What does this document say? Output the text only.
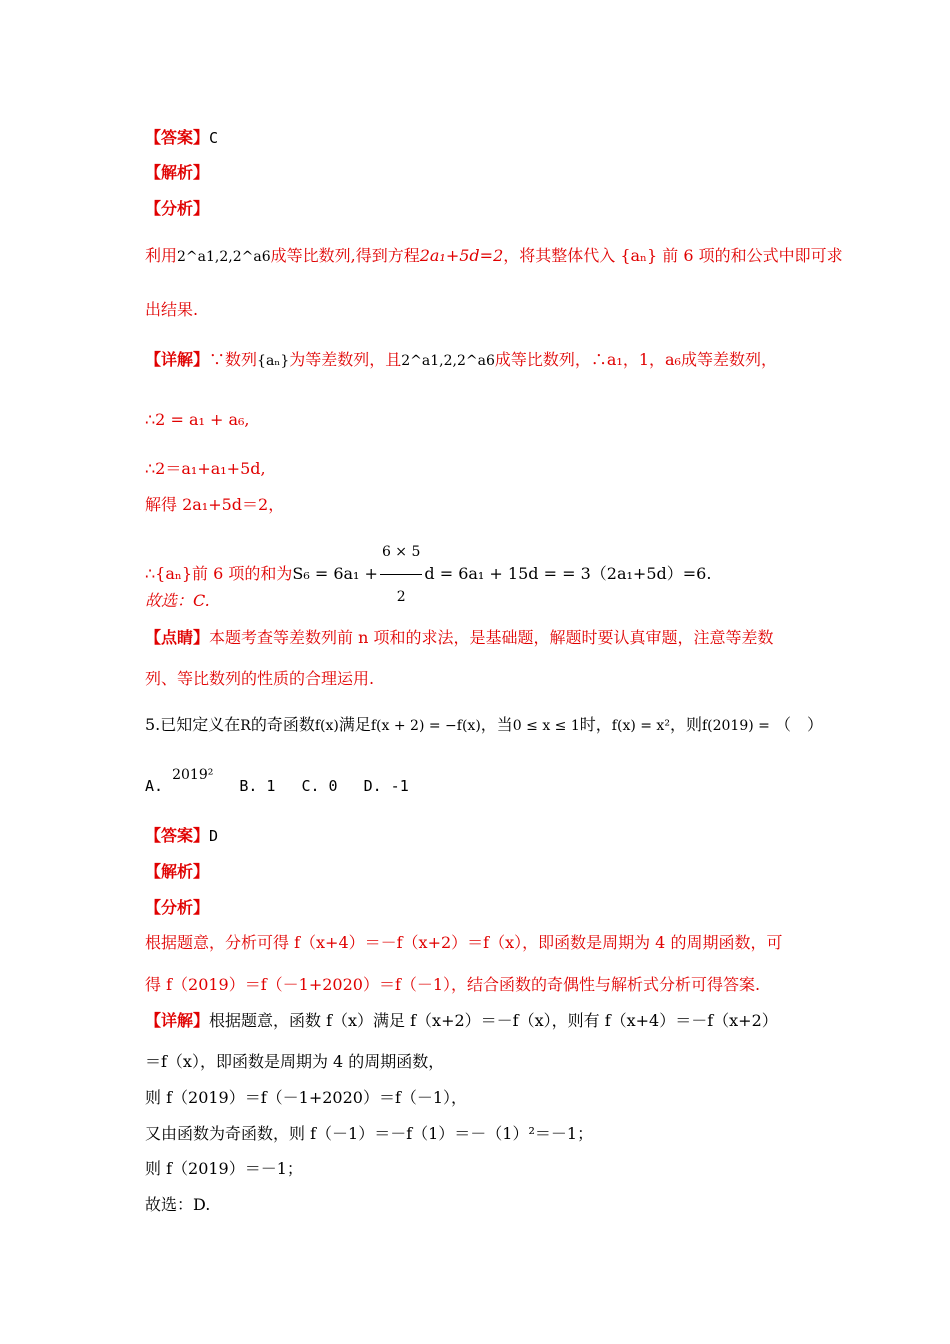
【答案】C
【解析】
【分析】
利用2^a1,2,2^a6成等比数列,得到方程2a₁+5d=2，将其整体代入 {aₙ} 前 6 项的和公式中即可求
出结果.
【详解】∵数列{aₙ}为等差数列，且2^a1,2,2^a6成等比数列，∴a₁，1，a₆成等差数列，
∴2 = a₁ + a₆,
∴2＝a₁+a₁+5d,
解得 2a₁+5d＝2，
∴{aₙ}前 6 项的和为$S_6 = 6a_1 + \frac{6 \times 5}{2}$ d = 6a₁ + 15d = = 3（2a₁+5d）=6.
故选：C.
【点睛】本题考查等差数列前 n 项和的求法，是基础题，解题时要认真审题，注意等差数
列、等比数列的性质的合理运用.
5.已知定义在R的奇函数f(x)满足f(x + 2) = −f(x)，当0 ≤ x ≤ 1时，f(x) = x²，则f(2019) = （　）
A. 2019²B. 1 C. 0 D. -1
【答案】D
【解析】
【分析】
根据题意，分析可得 f（x+4）＝－f（x+2）＝f（x），即函数是周期为 4 的周期函数，可
得 f（2019）＝f（－1+2020）＝f（－1），结合函数的奇偶性与解析式分析可得答案.
【详解】根据题意，函数 f（x）满足 f（x+2）＝－f（x），则有 f（x+4）＝－f（x+2）
＝f（x），即函数是周期为 4 的周期函数，
则 f（2019）＝f（－1+2020）＝f（－1），
又由函数为奇函数，则 f（－1）＝－f（1）＝－（1）²＝－1；
则 f（2019）＝－1；
故选：D.
